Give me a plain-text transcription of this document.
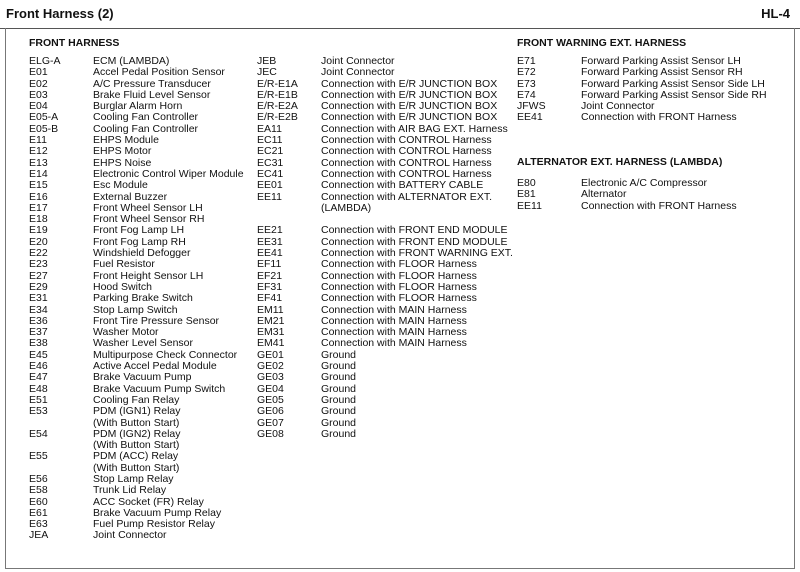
Front Harness (2)	HL-4
FRONT HARNESS
ELG-A	ECM (LAMBDA)
E01	Accel Pedal Position Sensor
E02	A/C Pressure Transducer
E03	Brake Fluid Level Sensor
E04	Burglar Alarm Horn
E05-A	Cooling Fan Controller
E05-B	Cooling Fan Controller
E11	EHPS Module
E12	EHPS Motor
E13	EHPS Noise
E14	Electronic Control Wiper Module
E15	Esc Module
E16	External Buzzer
E17	Front Wheel Sensor LH
E18	Front Wheel Sensor RH
E19	Front Fog Lamp LH
E20	Front Fog Lamp RH
E22	Windshield Defogger
E23	Fuel Resistor
E27	Front Height Sensor LH
E29	Hood Switch
E31	Parking Brake Switch
E34	Stop Lamp Switch
E36	Front Tire Pressure Sensor
E37	Washer Motor
E38	Washer Level Sensor
E45	Multipurpose Check Connector
E46	Active Accel Pedal Module
E47	Brake Vacuum Pump
E48	Brake Vacuum Pump Switch
E51	Cooling Fan Relay
E53	PDM (IGN1) Relay
(With Button Start)
E54	PDM (IGN2) Relay
(With Button Start)
E55	PDM (ACC) Relay
(With Button Start)
E56	Stop Lamp Relay
E58	Trunk Lid Relay
E60	ACC Socket (FR) Relay
E61	Brake Vacuum Pump Relay
E63	Fuel Pump Resistor Relay
JEA	Joint Connector
JEB	Joint Connector
JEC	Joint Connector
E/R-E1A	Connection with E/R JUNCTION BOX
E/R-E1B	Connection with E/R JUNCTION BOX
E/R-E2A	Connection with E/R JUNCTION BOX
E/R-E2B	Connection with E/R JUNCTION BOX
EA11	Connection with AIR BAG EXT. Harness
EC11	Connection with CONTROL Harness
EC21	Connection with CONTROL Harness
EC31	Connection with CONTROL Harness
EC41	Connection with CONTROL Harness
EE01	Connection with BATTERY CABLE
EE11	Connection with ALTERNATOR EXT.
(LAMBDA)
EE21	Connection with FRONT END MODULE
EE31	Connection with FRONT END MODULE
EE41	Connection with FRONT WARNING EXT.
EF11	Connection with FLOOR Harness
EF21	Connection with FLOOR Harness
EF31	Connection with FLOOR Harness
EF41	Connection with FLOOR Harness
EM11	Connection with MAIN Harness
EM21	Connection with MAIN Harness
EM31	Connection with MAIN Harness
EM41	Connection with MAIN Harness
GE01	Ground
GE02	Ground
GE03	Ground
GE04	Ground
GE05	Ground
GE06	Ground
GE07	Ground
GE08	Ground
FRONT WARNING EXT. HARNESS
E71	Forward Parking Assist Sensor LH
E72	Forward Parking Assist Sensor RH
E73	Forward Parking Assist Sensor Side LH
E74	Forward Parking Assist Sensor Side RH
JFWS	Joint Connector
EE41	Connection with FRONT Harness
ALTERNATOR EXT. HARNESS (LAMBDA)
E80	Electronic A/C Compressor
E81	Alternator
EE11	Connection with FRONT Harness
